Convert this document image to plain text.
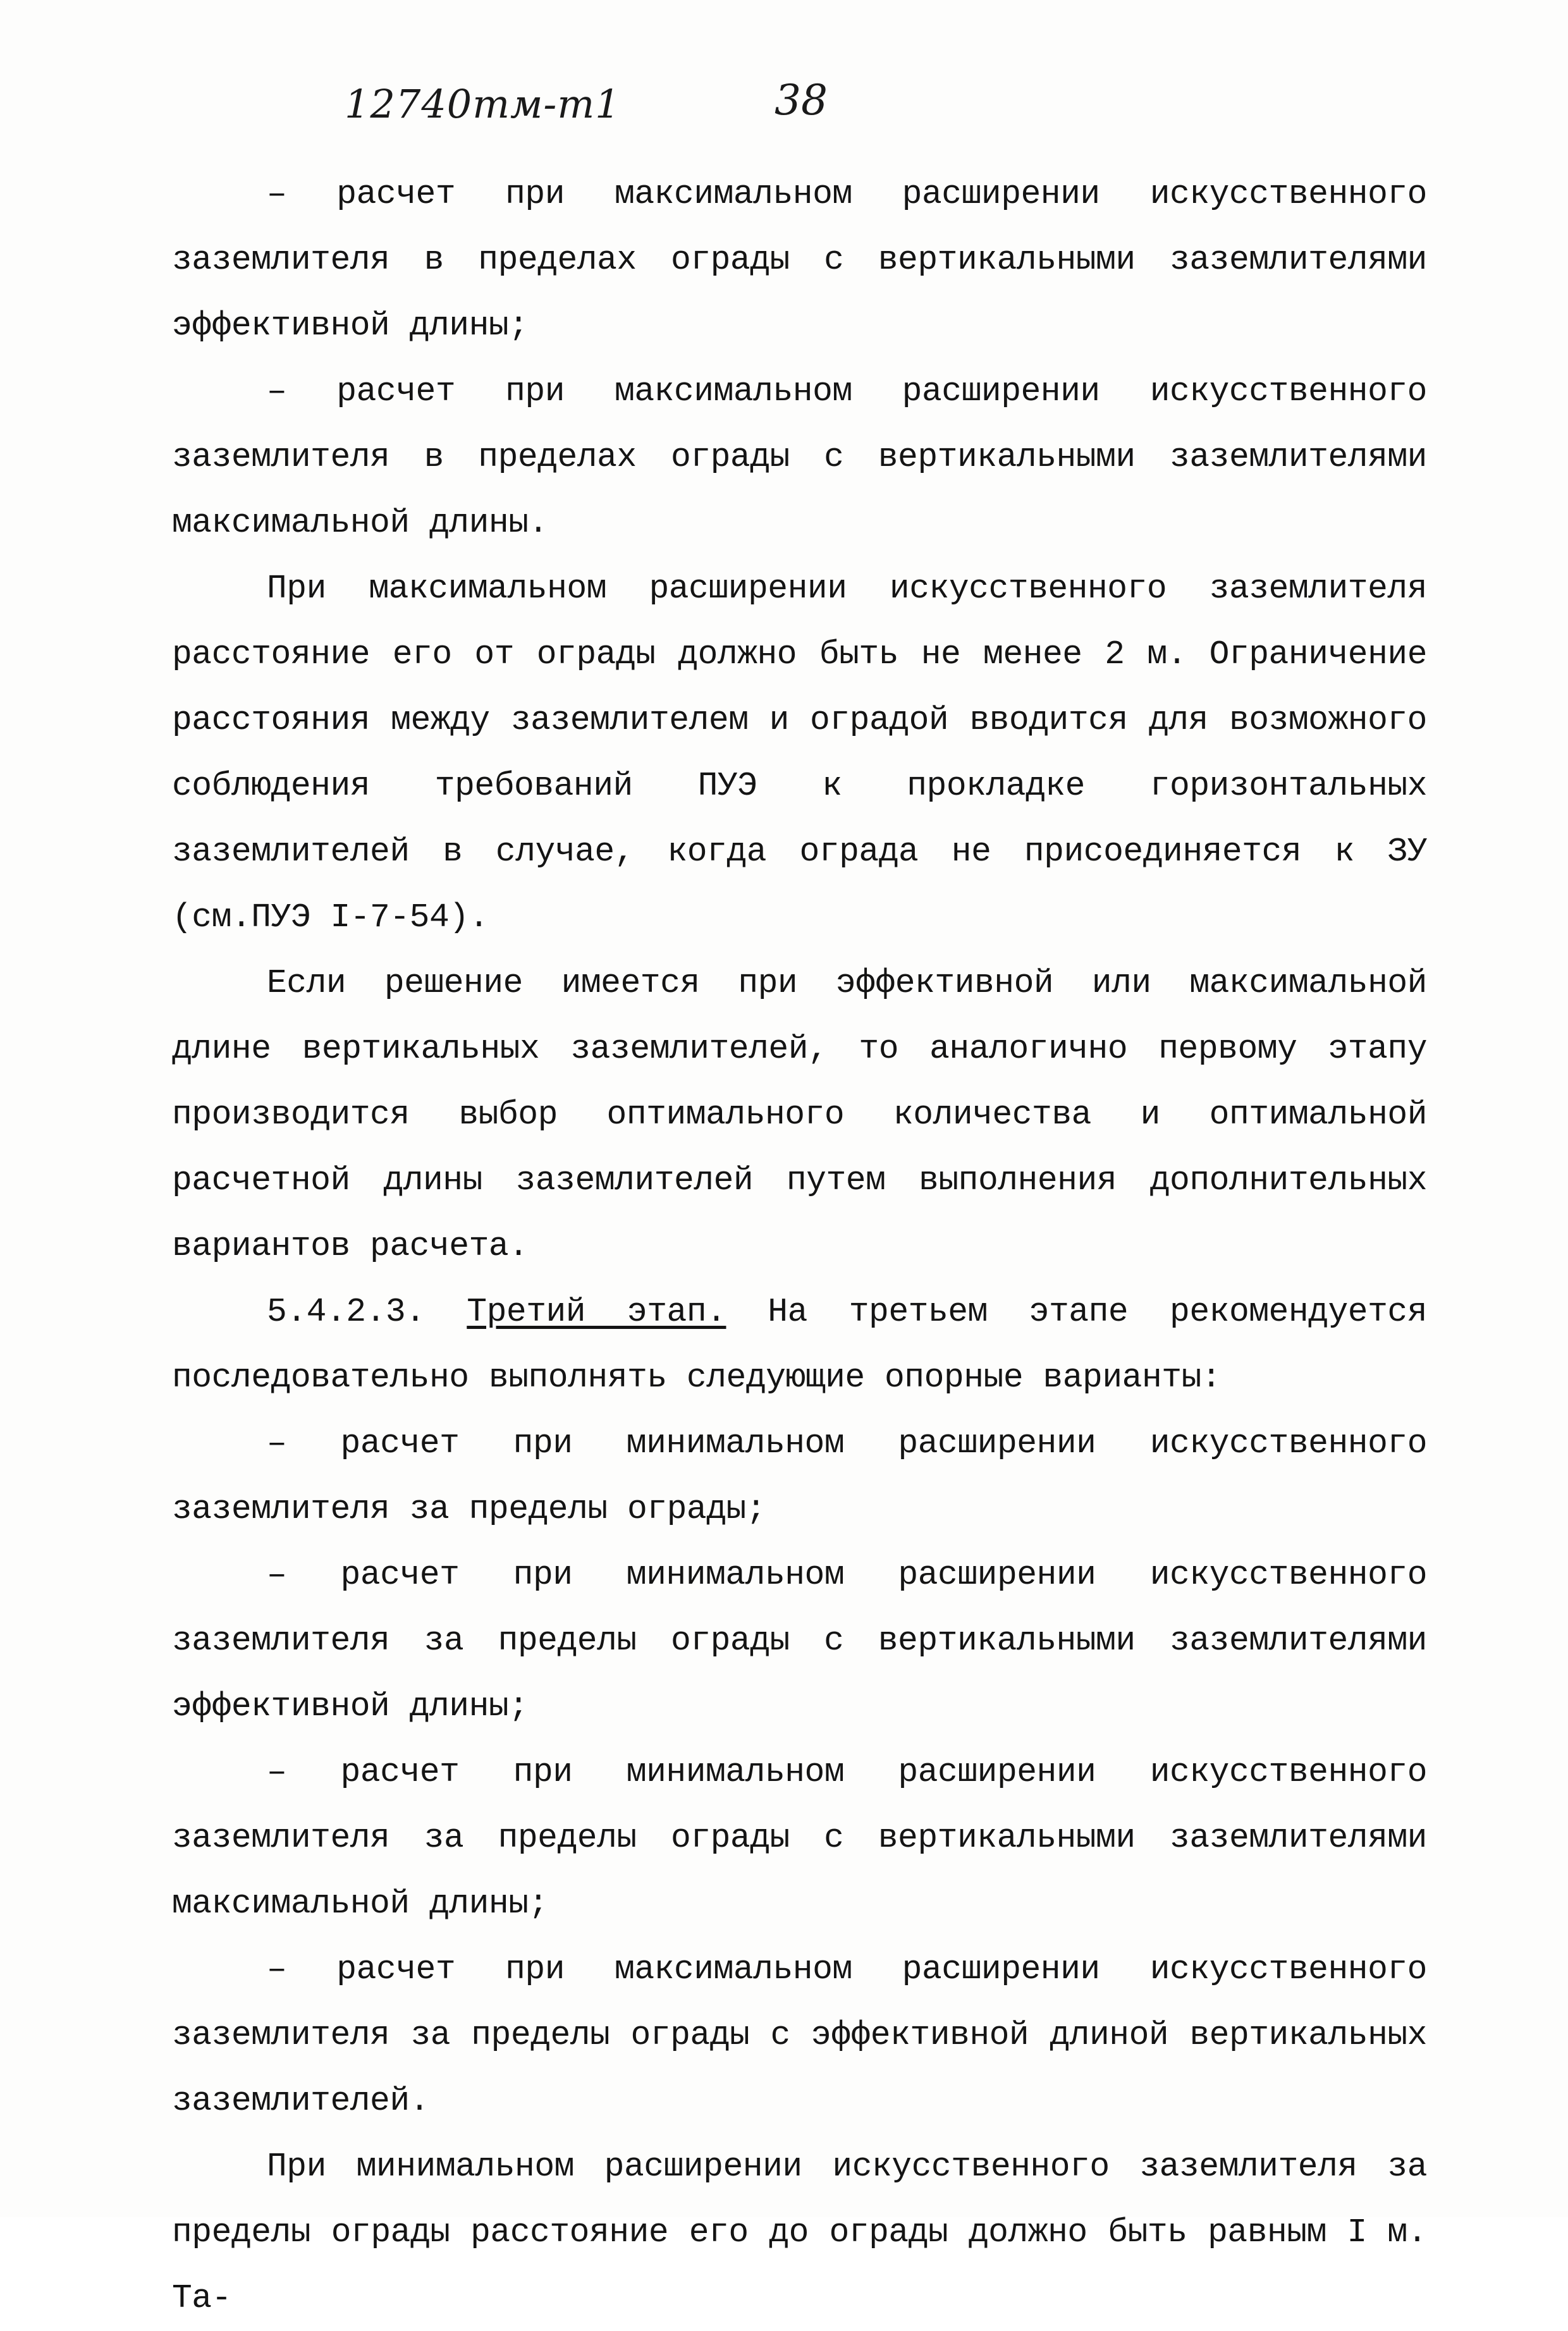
12740тм-т1	38

– расчет при максимальном расширении искусственного заземлителя в пределах ограды с вертикальными заземлителями эффективной длины;

– расчет при максимальном расширении искусственного заземлителя в пределах ограды с вертикальными заземлителями максимальной длины.

При максимальном расширении искусственного заземлителя расстояние его от ограды должно быть не менее 2 м. Ограничение расстояния между заземлителем и оградой вводится для возможного соблюдения требований ПУЭ к прокладке горизонтальных заземлителей в случае, когда ограда не присоединяется к ЗУ (см.ПУЭ I-7-54).

Если решение имеется при эффективной или максимальной длине вертикальных заземлителей, то аналогично первому этапу производится выбор оптимального количества и оптимальной расчетной длины заземлителей путем выполнения дополнительных вариантов расчета.

5.4.2.3. Третий этап. На третьем этапе рекомендуется последовательно выполнять следующие опорные варианты:

– расчет при минимальном расширении искусственного заземлителя за пределы ограды;

– расчет при минимальном расширении искусственного заземлителя за пределы ограды с вертикальными заземлителями эффективной длины;

– расчет при минимальном расширении искусственного заземлителя за пределы ограды с вертикальными заземлителями максимальной длины;

– расчет при максимальном расширении искусственного заземлителя за пределы ограды с эффективной длиной вертикальных заземлителей.

При минимальном расширении искусственного заземлителя за пределы ограды расстояние его до ограды должно быть равным I м. Та-
